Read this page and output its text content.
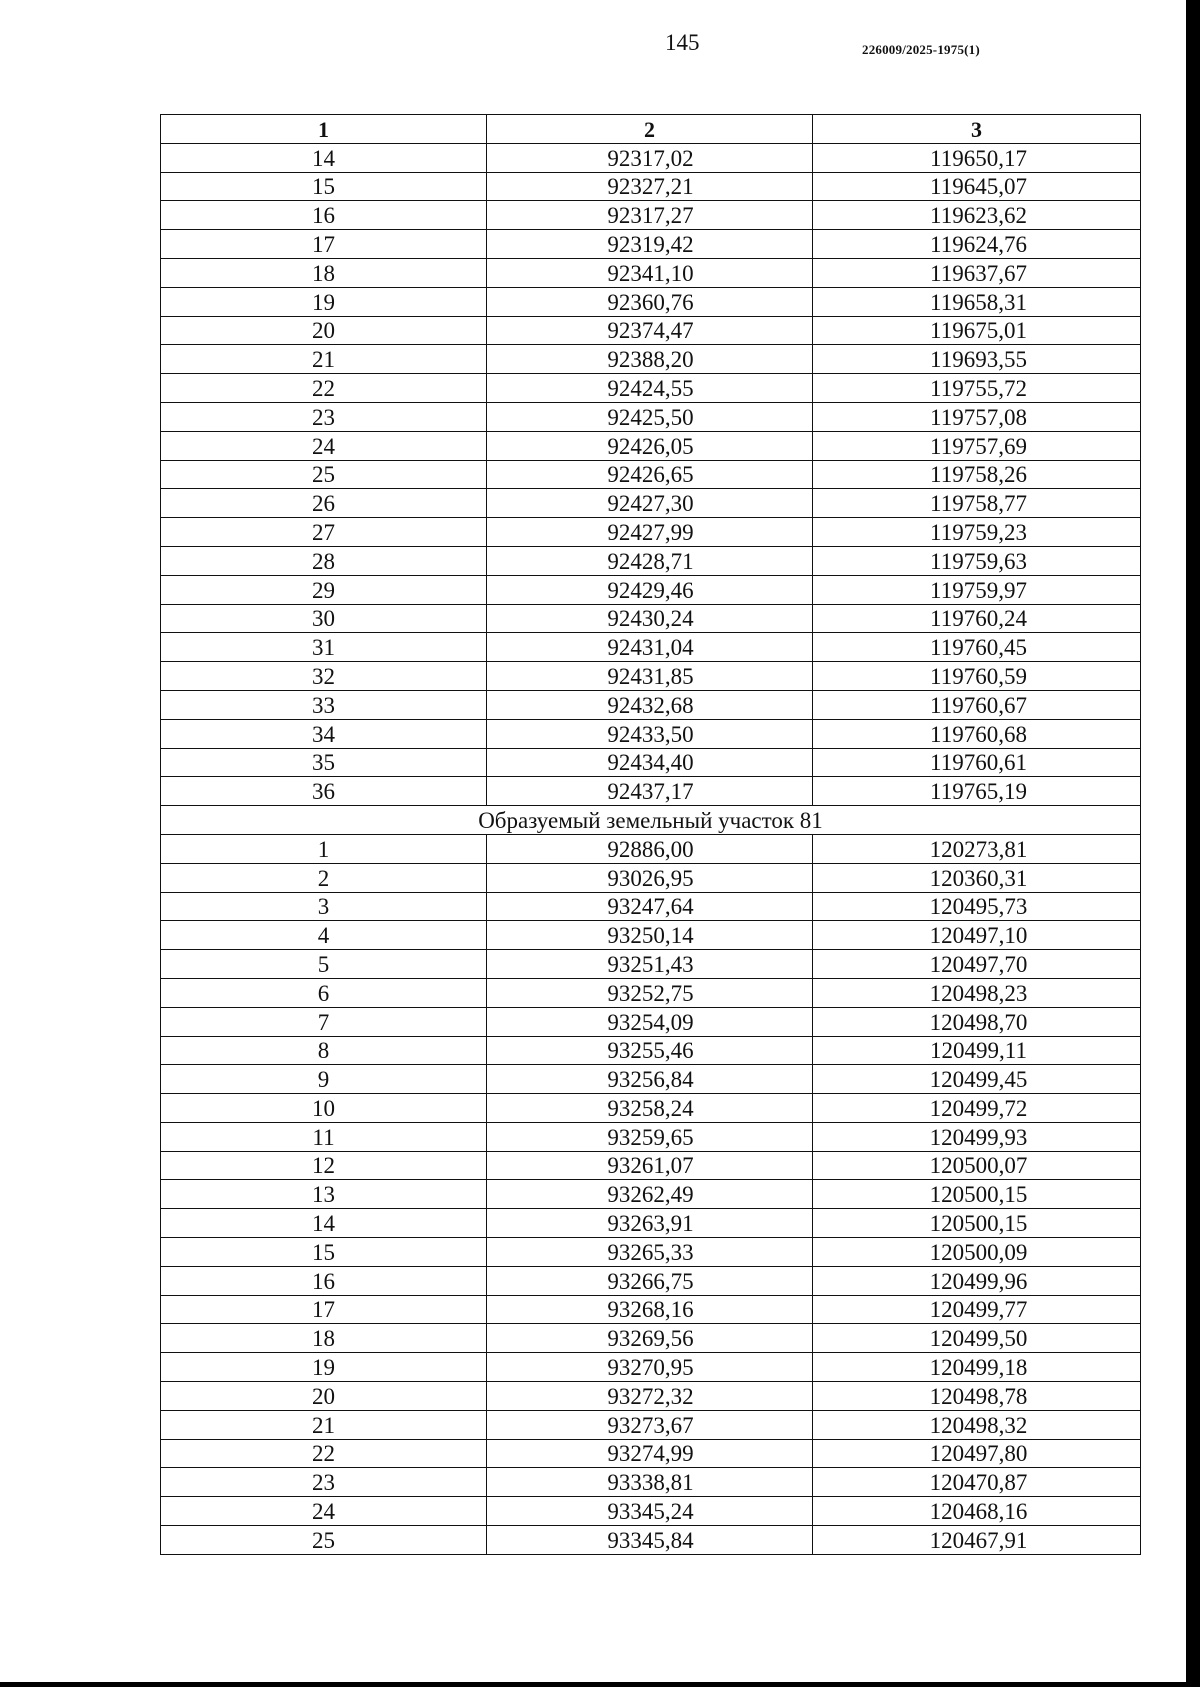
145	226009/2025-1975(1)
1	2	3
14	92317,02	119650,17
15	92327,21	119645,07
16	92317,27	119623,62
17	92319,42	119624,76
18	92341,10	119637,67
19	92360,76	119658,31
20	92374,47	119675,01
21	92388,20	119693,55
22	92424,55	119755,72
23	92425,50	119757,08
24	92426,05	119757,69
25	92426,65	119758,26
26	92427,30	119758,77
27	92427,99	119759,23
28	92428,71	119759,63
29	92429,46	119759,97
30	92430,24	119760,24
31	92431,04	119760,45
32	92431,85	119760,59
33	92432,68	119760,67
34	92433,50	119760,68
35	92434,40	119760,61
36	92437,17	119765,19
Образуемый земельный участок 81		
1	92886,00	120273,81
2	93026,95	120360,31
3	93247,64	120495,73
4	93250,14	120497,10
5	93251,43	120497,70
6	93252,75	120498,23
7	93254,09	120498,70
8	93255,46	120499,11
9	93256,84	120499,45
10	93258,24	120499,72
11	93259,65	120499,93
12	93261,07	120500,07
13	93262,49	120500,15
14	93263,91	120500,15
15	93265,33	120500,09
16	93266,75	120499,96
17	93268,16	120499,77
18	93269,56	120499,50
19	93270,95	120499,18
20	93272,32	120498,78
21	93273,67	120498,32
22	93274,99	120497,80
23	93338,81	120470,87
24	93345,24	120468,16
25	93345,84	120467,91
